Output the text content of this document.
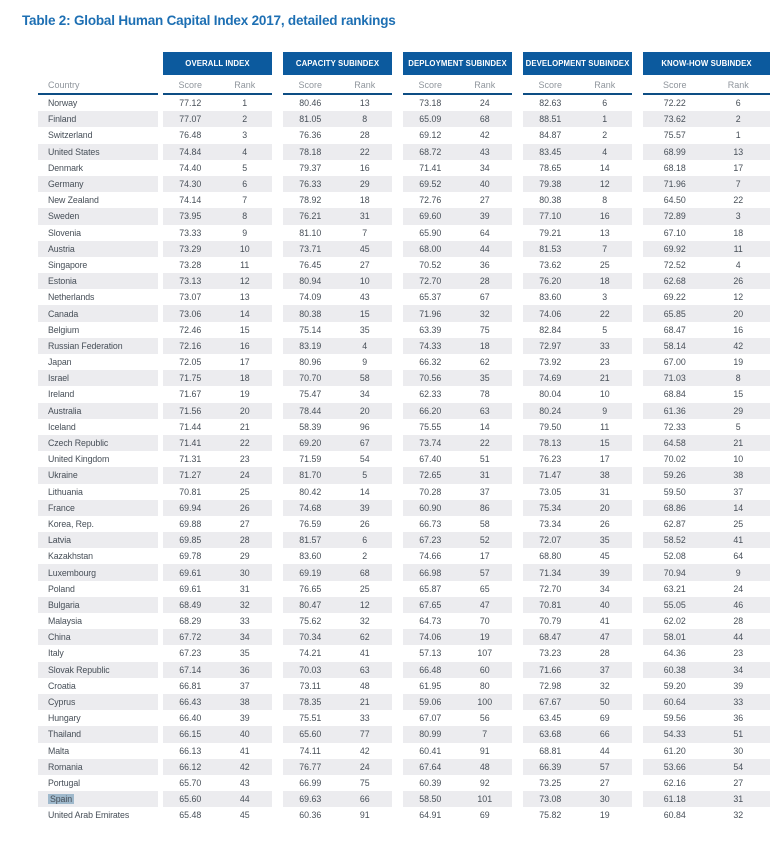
Table 2: Global Human Capital Index 2017, detailed rankings
OVERALL INDEX	CAPACITY SUBINDEX	DEPLOYMENT SUBINDEX	DEVELOPMENT SUBINDEX	KNOW-HOW SUBINDEX
Country	Score	Rank	Score	Rank	Score	Rank	Score	Rank	Score	Rank
Norway	77.12	1	80.46	13	73.18	24	82.63	6	72.22	6
Finland	77.07	2	81.05	8	65.09	68	88.51	1	73.62	2
Switzerland	76.48	3	76.36	28	69.12	42	84.87	2	75.57	1
United States	74.84	4	78.18	22	68.72	43	83.45	4	68.99	13
Denmark	74.40	5	79.37	16	71.41	34	78.65	14	68.18	17
Germany	74.30	6	76.33	29	69.52	40	79.38	12	71.96	7
New Zealand	74.14	7	78.92	18	72.76	27	80.38	8	64.50	22
Sweden	73.95	8	76.21	31	69.60	39	77.10	16	72.89	3
Slovenia	73.33	9	81.10	7	65.90	64	79.21	13	67.10	18
Austria	73.29	10	73.71	45	68.00	44	81.53	7	69.92	11
Singapore	73.28	11	76.45	27	70.52	36	73.62	25	72.52	4
Estonia	73.13	12	80.94	10	72.70	28	76.20	18	62.68	26
Netherlands	73.07	13	74.09	43	65.37	67	83.60	3	69.22	12
Canada	73.06	14	80.38	15	71.96	32	74.06	22	65.85	20
Belgium	72.46	15	75.14	35	63.39	75	82.84	5	68.47	16
Russian Federation	72.16	16	83.19	4	74.33	18	72.97	33	58.14	42
Japan	72.05	17	80.96	9	66.32	62	73.92	23	67.00	19
Israel	71.75	18	70.70	58	70.56	35	74.69	21	71.03	8
Ireland	71.67	19	75.47	34	62.33	78	80.04	10	68.84	15
Australia	71.56	20	78.44	20	66.20	63	80.24	9	61.36	29
Iceland	71.44	21	58.39	96	75.55	14	79.50	11	72.33	5
Czech Republic	71.41	22	69.20	67	73.74	22	78.13	15	64.58	21
United Kingdom	71.31	23	71.59	54	67.40	51	76.23	17	70.02	10
Ukraine	71.27	24	81.70	5	72.65	31	71.47	38	59.26	38
Lithuania	70.81	25	80.42	14	70.28	37	73.05	31	59.50	37
France	69.94	26	74.68	39	60.90	86	75.34	20	68.86	14
Korea, Rep.	69.88	27	76.59	26	66.73	58	73.34	26	62.87	25
Latvia	69.85	28	81.57	6	67.23	52	72.07	35	58.52	41
Kazakhstan	69.78	29	83.60	2	74.66	17	68.80	45	52.08	64
Luxembourg	69.61	30	69.19	68	66.98	57	71.34	39	70.94	9
Poland	69.61	31	76.65	25	65.87	65	72.70	34	63.21	24
Bulgaria	68.49	32	80.47	12	67.65	47	70.81	40	55.05	46
Malaysia	68.29	33	75.62	32	64.73	70	70.79	41	62.02	28
China	67.72	34	70.34	62	74.06	19	68.47	47	58.01	44
Italy	67.23	35	74.21	41	57.13	107	73.23	28	64.36	23
Slovak Republic	67.14	36	70.03	63	66.48	60	71.66	37	60.38	34
Croatia	66.81	37	73.11	48	61.95	80	72.98	32	59.20	39
Cyprus	66.43	38	78.35	21	59.06	100	67.67	50	60.64	33
Hungary	66.40	39	75.51	33	67.07	56	63.45	69	59.56	36
Thailand	66.15	40	65.60	77	80.99	7	63.68	66	54.33	51
Malta	66.13	41	74.11	42	60.41	91	68.81	44	61.20	30
Romania	66.12	42	76.77	24	67.64	48	66.39	57	53.66	54
Portugal	65.70	43	66.99	75	60.39	92	73.25	27	62.16	27
Spain	65.60	44	69.63	66	58.50	101	73.08	30	61.18	31
United Arab Emirates	65.48	45	60.36	91	64.91	69	75.82	19	60.84	32
